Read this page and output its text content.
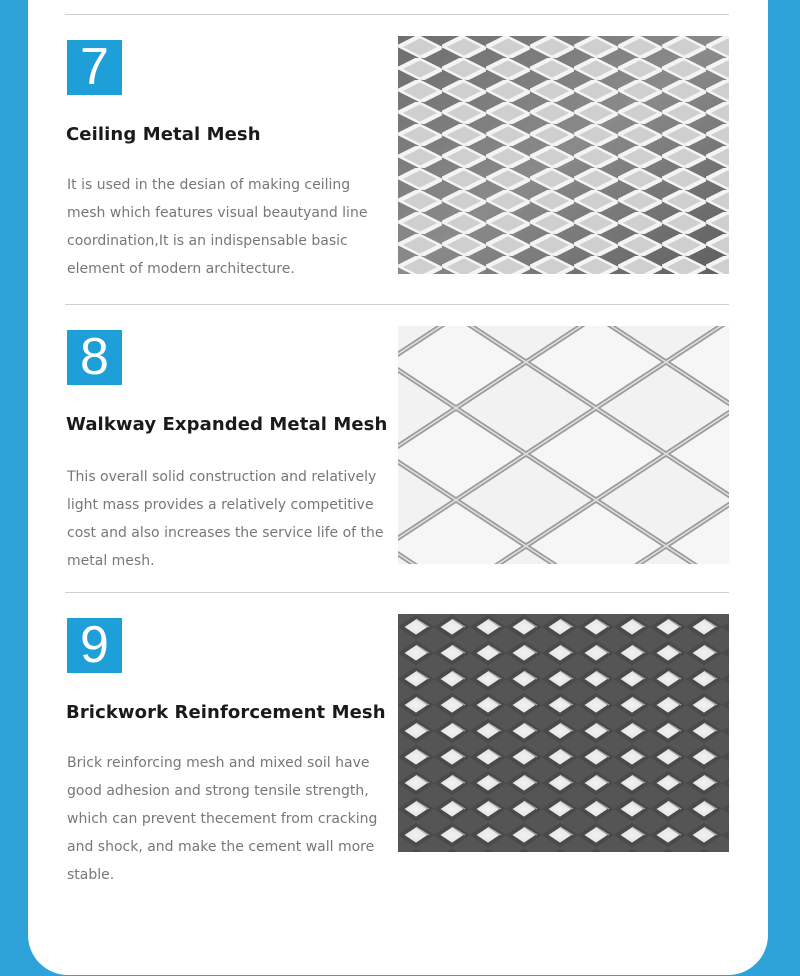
7
Ceiling Metal Mesh

It is used in the desian of making ceiling mesh which features visual beautyand line coordination,It is an indispensable basic element of modern architecture.

8
Walkway Expanded Metal Mesh

This overall solid construction and relatively light mass provides a relatively competitive cost and also increases the service life of the metal mesh.

9
Brickwork Reinforcement Mesh

Brick reinforcing mesh and mixed soil have good adhesion and strong tensile strength, which can prevent thecement from cracking and shock, and make the cement wall more stable.
